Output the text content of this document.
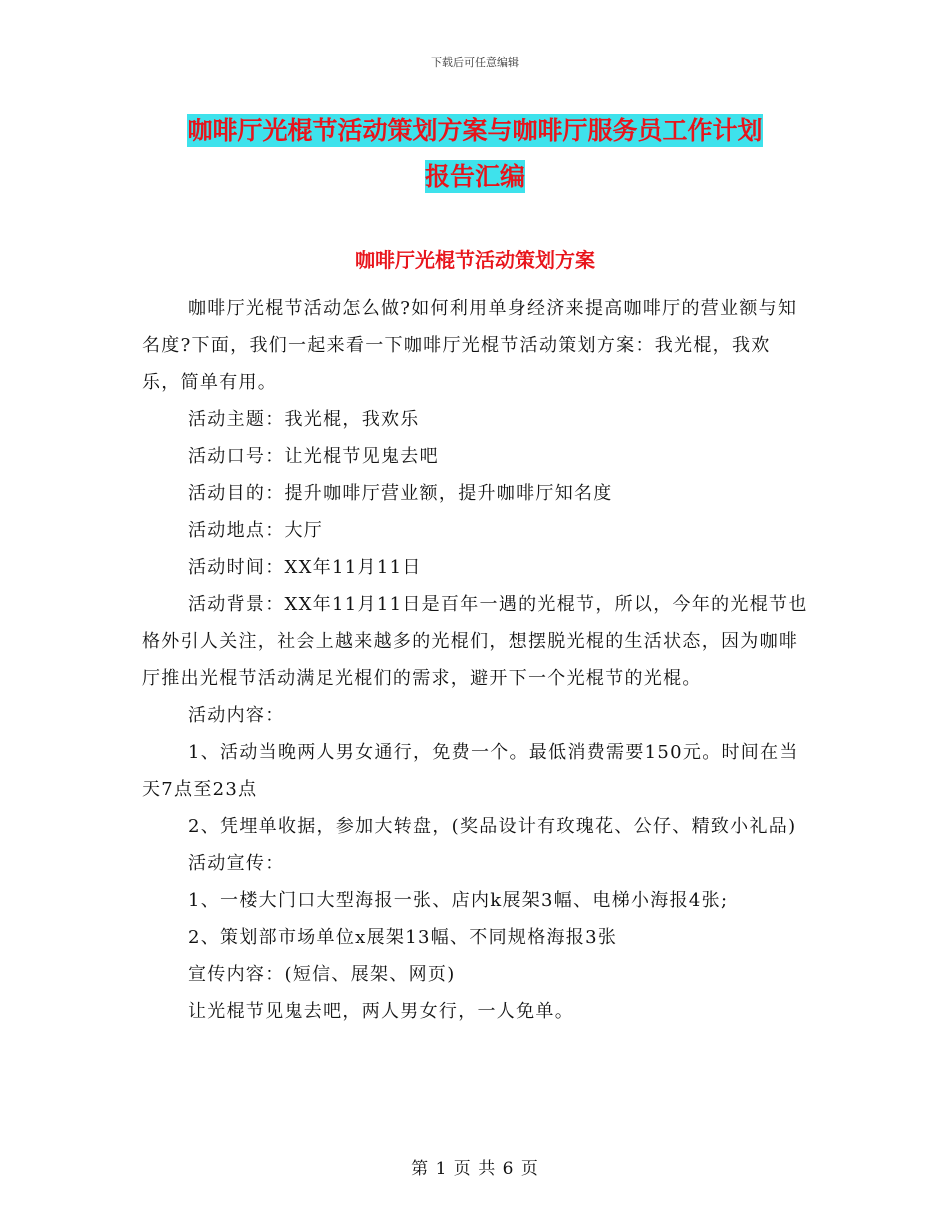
下载后可任意编辑
咖啡厅光棍节活动策划方案与咖啡厅服务员工作计划
报告汇编
咖啡厅光棍节活动策划方案

咖啡厅光棍节活动怎么做?如何利用单身经济来提高咖啡厅的营业额与知名度?下面，我们一起来看一下咖啡厅光棍节活动策划方案：我光棍，我欢乐，简单有用。

活动主题：我光棍，我欢乐

活动口号：让光棍节见鬼去吧

活动目的：提升咖啡厅营业额，提升咖啡厅知名度

活动地点：大厅

活动时间：XX年11月11日

活动背景：XX年11月11日是百年一遇的光棍节，所以，今年的光棍节也格外引人关注，社会上越来越多的光棍们，想摆脱光棍的生活状态，因为咖啡厅推出光棍节活动满足光棍们的需求，避开下一个光棍节的光棍。

活动内容：

1、活动当晚两人男女通行，免费一个。最低消费需要150元。时间在当天7点至23点

2、凭埋单收据，参加大转盘，(奖品设计有玫瑰花、公仔、精致小礼品)

活动宣传：

1、一楼大门口大型海报一张、店内k展架3幅、电梯小海报4张;

2、策划部市场单位x展架13幅、不同规格海报3张

宣传内容：(短信、展架、网页)

让光棍节见鬼去吧，两人男女行，一人免单。

第 1 页 共 6 页
